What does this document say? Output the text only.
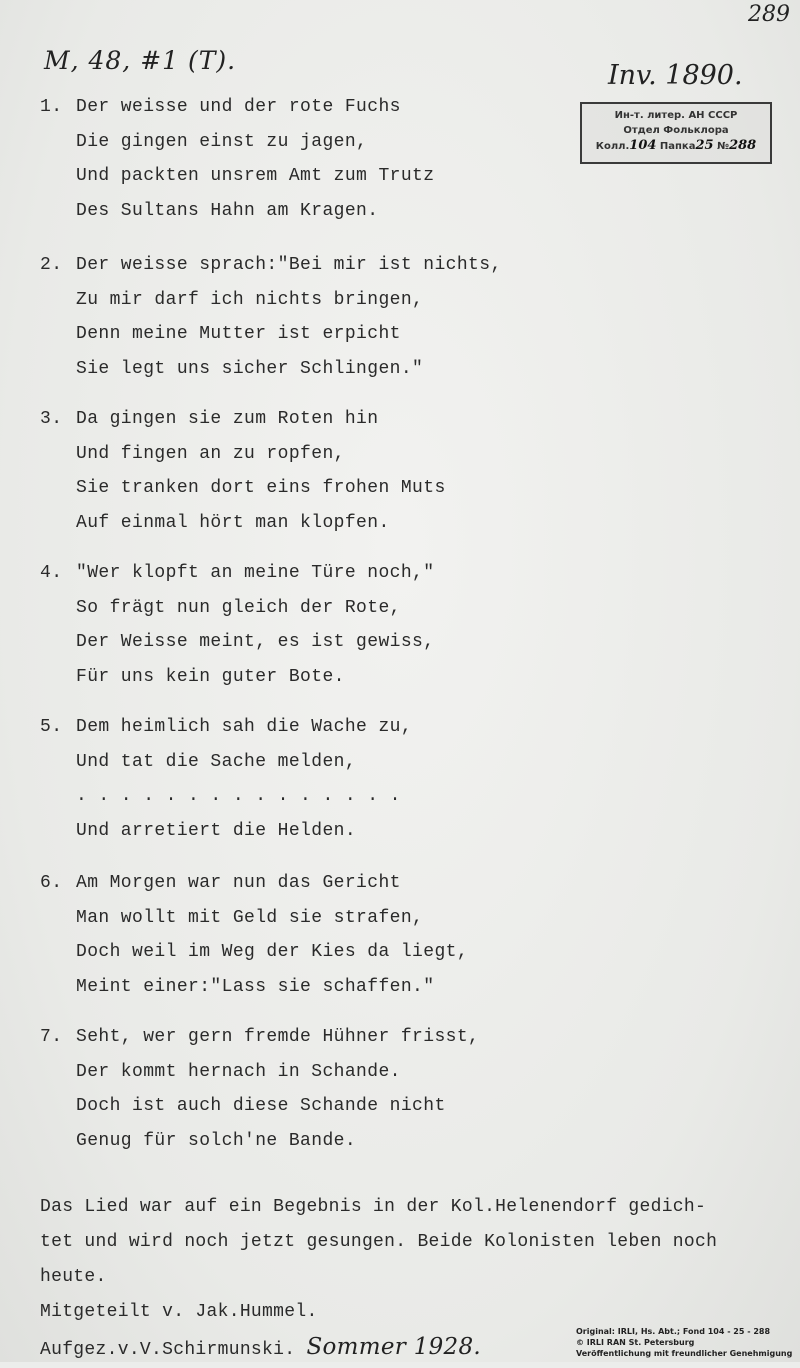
289
M, 48, #1 (T).	Inv. 1890.
Ин-т. литер. АН СССР
Отдел Фольклора
Колл.104 Папка25 №288
1. Der weisse und der rote Fuchs
Die gingen einst zu jagen,
Und packten unsrem Amt zum Trutz
Des Sultans Hahn am Kragen.
2. Der weisse sprach:"Bei mir ist nichts,
Zu mir darf ich nichts bringen,
Denn meine Mutter ist erpicht
Sie legt uns sicher Schlingen."
3. Da gingen sie zum Roten hin
Und fingen an zu ropfen,
Sie tranken dort eins frohen Muts
Auf einmal hört man klopfen.
4. "Wer klopft an meine Türe noch,"
So frägt nun gleich der Rote,
Der Weisse meint, es ist gewiss,
Für uns kein guter Bote.
5. Dem heimlich sah die Wache zu,
Und tat die Sache melden,
. . . . . . . . . . . . . . .
Und arretiert die Helden.
6. Am Morgen war nun das Gericht
Man wollt mit Geld sie strafen,
Doch weil im Weg der Kies da liegt,
Meint einer:"Lass sie schaffen."
7. Seht, wer gern fremde Hühner frisst,
Der kommt hernach in Schande.
Doch ist auch diese Schande nicht
Genug für solch'ne Bande.
Das Lied war auf ein Begebnis in der Kol.Helenendorf gedich-
tet und wird noch jetzt gesungen. Beide Kolonisten leben noch
heute.
Mitgeteilt v. Jak.Hummel.
Aufgez.v.V.Schirmunski. Sommer 1928.
Original: IRLI, Hs. Abt.; Fond 104 - 25 - 288
© IRLI RAN St. Petersburg
Veröffentlichung mit freundlicher Genehmigung
